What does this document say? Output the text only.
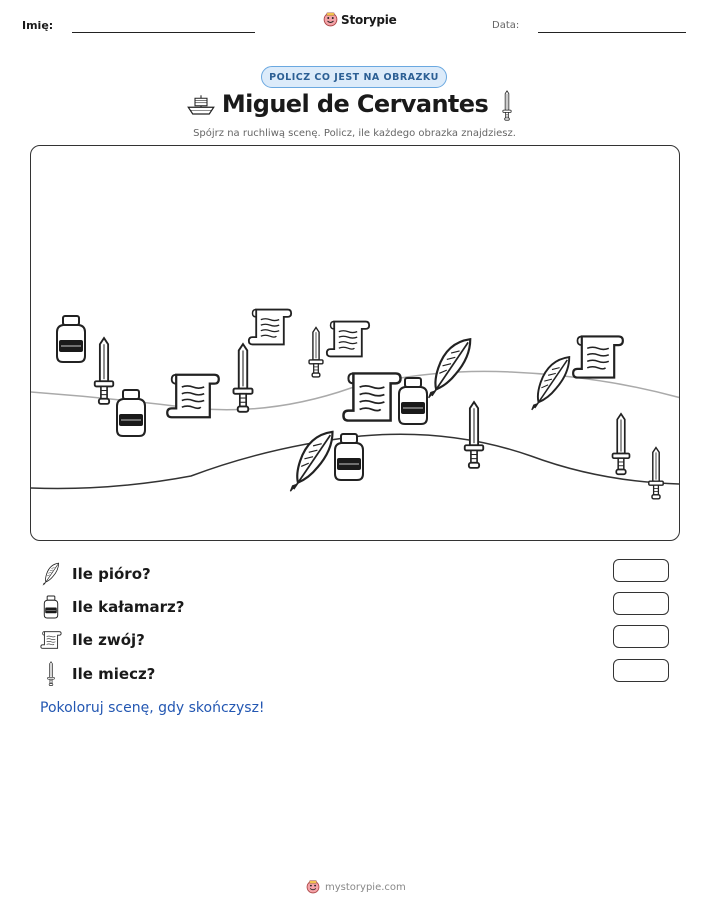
Imię:	Storypie	Data:
POLICZ CO JEST NA OBRAZKU
Miguel de Cervantes
Spójrz na ruchliwą scenę. Policz, ile każdego obrazka znajdziesz.
Ile pióro?
Ile kałamarz?
Ile zwój?
Ile miecz?
Pokoloruj scenę, gdy skończysz!
mystorypie.com
